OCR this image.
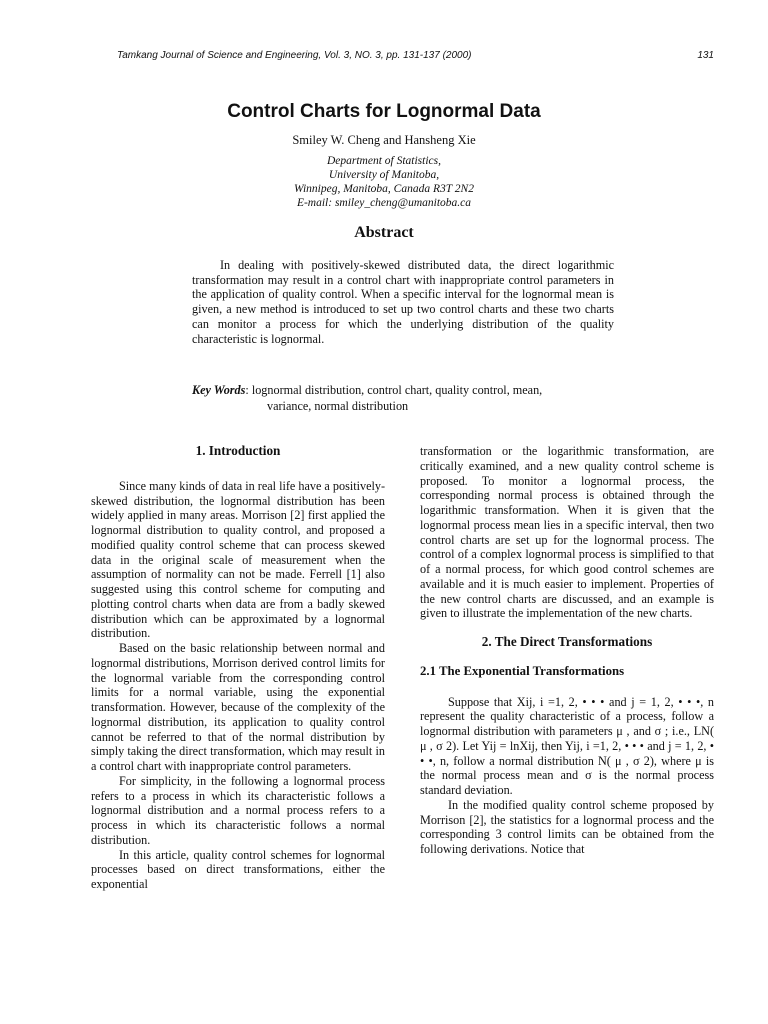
Tamkang Journal of Science and Engineering, Vol. 3, NO. 3, pp. 131-137 (2000)	131
Control Charts for Lognormal Data
Smiley W. Cheng and Hansheng Xie
Department of Statistics,
University of Manitoba,
Winnipeg, Manitoba, Canada R3T 2N2
E-mail: smiley_cheng@umanitoba.ca
Abstract

In dealing with positively-skewed distributed data, the direct logarithmic transformation may result in a control chart with inappropriate control parameters in the application of quality control. When a specific interval for the lognormal mean is given, a new method is introduced to set up two control charts and these two charts can monitor a process for which the underlying distribution of the quality characteristic is lognormal.

Key Words: lognormal distribution, control chart, quality control, mean,
variance, normal distribution
1. Introduction

Since many kinds of data in real life have a positively-skewed distribution, the lognormal distribution has been widely applied in many areas. Morrison [2] first applied the lognormal distribution to quality control, and proposed a modified quality control scheme that can process skewed data in the original scale of measurement when the assumption of normality can not be made. Ferrell [1] also suggested using this control scheme for computing and plotting control charts when data are from a badly skewed distribution which can be approximated by a lognormal distribution.

Based on the basic relationship between normal and lognormal distributions, Morrison derived control limits for the lognormal variable from the corresponding control limits for a normal variable, using the exponential transformation. However, because of the complexity of the lognormal distribution, its application to quality control cannot be referred to that of the normal distribution by simply taking the direct transformation, which may result in a control chart with inappropriate control parameters.

For simplicity, in the following a lognormal process refers to a process in which its characteristic follows a lognormal distribution and a normal process refers to a process in which its characteristic follows a normal distribution.

In this article, quality control schemes for lognormal processes based on direct transformations, either the exponential

transformation or the logarithmic transformation, are critically examined, and a new quality control scheme is proposed. To monitor a lognormal process, the corresponding normal process is obtained through the logarithmic transformation. When it is given that the lognormal process mean lies in a specific interval, then two control charts are set up for the lognormal process. The control of a complex lognormal process is simplified to that of a normal process, for which good control schemes are available and it is much easier to implement. Properties of the new control charts are discussed, and an example is given to illustrate the implementation of the new charts.

2. The Direct Transformations
2.1 The Exponential Transformations

Suppose that Xij, i =1, 2, • • • and j = 1, 2, • • •, n represent the quality characteristic of a process, follow a lognormal distribution with parameters μ , and σ ; i.e., LN( μ , σ 2). Let Yij = lnXij, then Yij, i =1, 2, • • • and j = 1, 2, • • •, n, follow a normal distribution N( μ , σ 2), where μ is the normal process mean and σ is the normal process standard deviation.

In the modified quality control scheme proposed by Morrison [2], the statistics for a lognormal process and the corresponding 3 control limits can be obtained from the following derivations. Notice that
